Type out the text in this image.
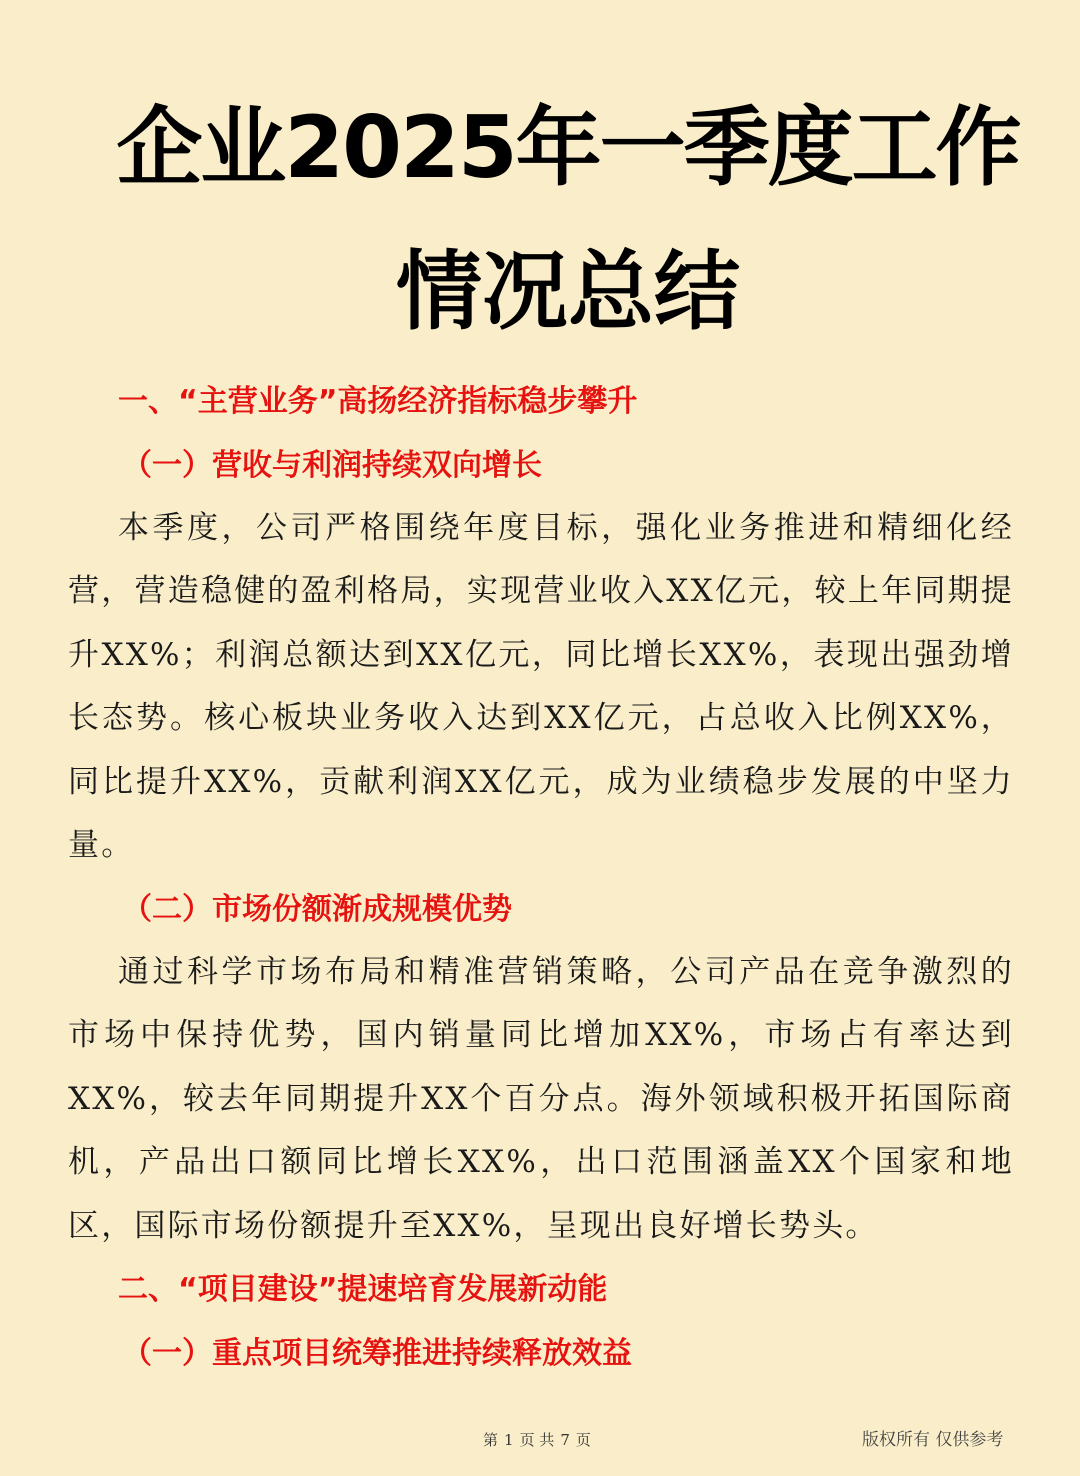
企业2025年一季度工作
情况总结
一、“主营业务”高扬经济指标稳步攀升
（一）营收与利润持续双向增长

本季度，公司严格围绕年度目标，强化业务推进和精细化经营，营造稳健的盈利格局，实现营业收入XX亿元，较上年同期提升XX%；利润总额达到XX亿元，同比增长XX%，表现出强劲增长态势。核心板块业务收入达到XX亿元，占总收入比例XX%，同比提升XX%，贡献利润XX亿元，成为业绩稳步发展的中坚力量。

（二）市场份额渐成规模优势

通过科学市场布局和精准营销策略，公司产品在竞争激烈的市场中保持优势，国内销量同比增加XX%，市场占有率达到XX%，较去年同期提升XX个百分点。海外领域积极开拓国际商机，产品出口额同比增长XX%，出口范围涵盖XX个国家和地区，国际市场份额提升至XX%，呈现出良好增长势头。

二、“项目建设”提速培育发展新动能
（一）重点项目统筹推进持续释放效益
第 1 页 共 7 页	版权所有 仅供参考
